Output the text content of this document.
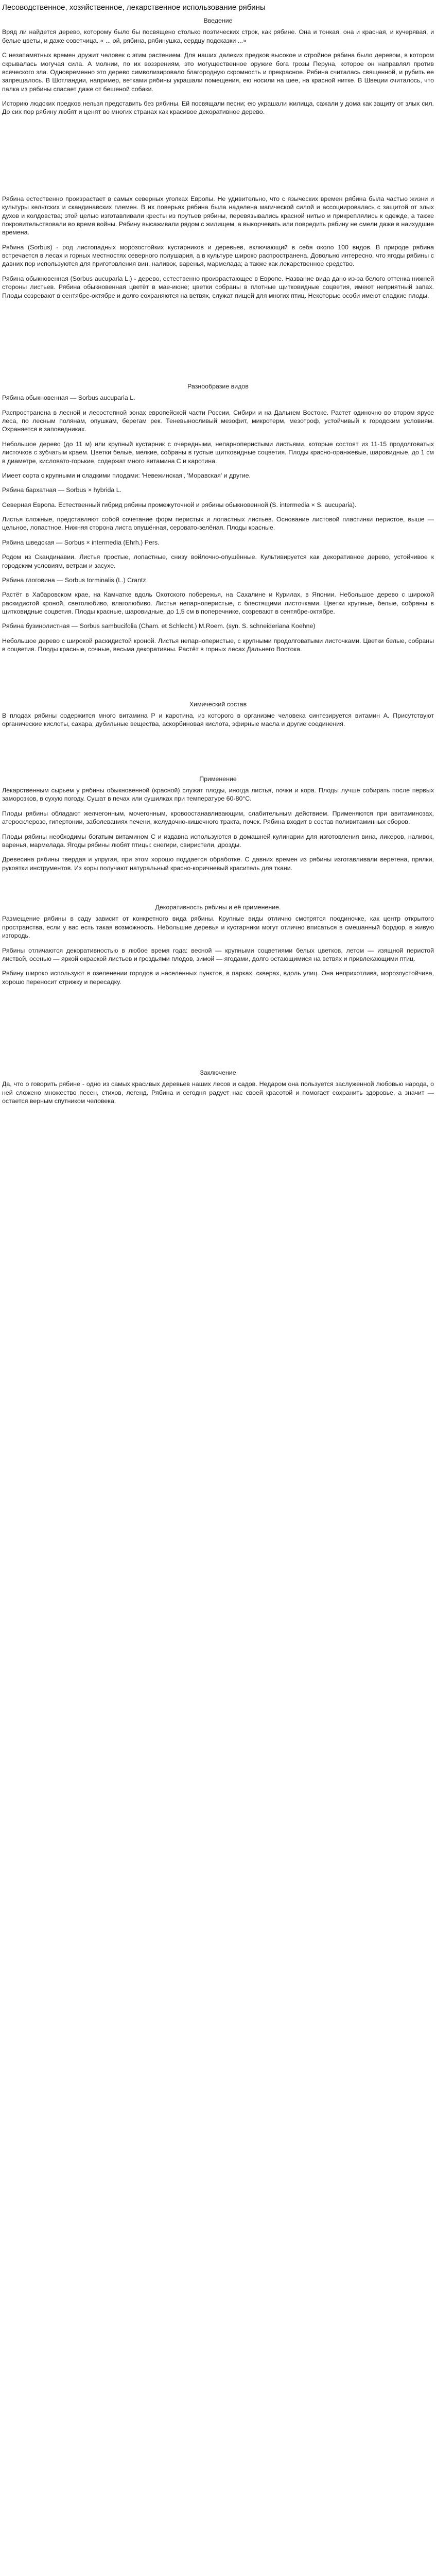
Лесоводственное, хозяйственное, лекарственное использование рябины
Введение

Вряд ли найдется дерево, которому было бы посвящено столько поэтических строк, как рябине. Она и тонкая, она и красная, и кучерявая, и белые цветы, и даже советчица. « ... ой, рябина, рябинушка, сердцу подсказки ...»

С незапамятных времен дружит человек с этим растением. Для наших далеких предков высокое и стройное рябина было деревом, в котором скрывалась могучая сила. А молнии, по их воззрениям, это могущественное оружие бога грозы Перуна, которое он направлял против всяческого зла. Одновременно это дерево символизировало благородную скромность и прекрасное. Рябина считалась священной, и рубить ее запрещалось. В Шотландии, например, ветками рябины украшали помещения, ею носили на шее, на красной нитке. В Швеции считалось, что палка из рябины спасает даже от бешеной собаки.

Историю людских предков нельзя представить без рябины. Ей посвящали песни; ею украшали жилища, сажали у дома как защиту от злых сил. До сих пор рябину любят и ценят во многих странах как красивое декоративное дерево.

Рябина естественно произрастает в самых северных уголках Европы. Не удивительно, что с языческих времен рябина была частью жизни и культуры кельтских и скандинавских племен. В их поверьях рябина была наделена магической силой и ассоциировалась с защитой от злых духов и колдовства; этой целью изготавливали кресты из прутьев рябины, перевязывались красной нитью и прикреплялись к одежде, а также покровительствовали во время войны. Рябину высаживали рядом с жилищем, а выкорчевать или повредить рябину не смели даже в наихудшие времена.

Рябина (Sorbus) - род листопадных морозостойких кустарников и деревьев, включающий в себя около 100 видов. В природе рябина встречается в лесах и горных местностях северного полушария, а в культуре широко распространена. Довольно интересно, что ягоды рябины с давних пор используются для приготовления вин, наливок, варенья, мармелада; а также как лекарственное средство.

Рябина обыкновенная (Sorbus aucuparia L.) - дерево, естественно произрастающее в Европе. Название вида дано из-за белого оттенка нижней стороны листьев. Рябина обыкновенная цветёт в мае-июне; цветки собраны в плотные щитковидные соцветия, имеют неприятный запах. Плоды созревают в сентябре-октябре и долго сохраняются на ветвях, служат пищей для многих птиц. Некоторые особи имеют сладкие плоды.

Разнообразие видов

Рябина обыкновенная — Sorbus aucuparia L.

Распространена в лесной и лесостепной зонах европейской части России, Сибири и на Дальнем Востоке. Растет одиночно во втором ярусе леса, по лесным полянам, опушкам, берегам рек. Теневыносливый мезофит, микротерм, мезотроф, устойчивый к городским условиям. Охраняется в заповедниках.

Небольшое дерево (до 11 м) или крупный кустарник с очередными, непарноперистыми листьями, которые состоят из 11-15 продолговатых листочков с зубчатым краем. Цветки белые, мелкие, собраны в густые щитковидные соцветия. Плоды красно-оранжевые, шаровидные, до 1 см в диаметре, кисловато-горькие, содержат много витамина С и каротина.

Имеет сорта с крупными и сладкими плодами: 'Невежинская', 'Моравская' и другие.

Рябина бархатная — Sorbus × hybrida L.

Северная Европа. Естественный гибрид рябины промежуточной и рябины обыкновенной (S. intermedia × S. aucuparia).

Листья сложные, представляют собой сочетание форм перистых и лопастных листьев. Основание листовой пластинки перистое, выше — цельное, лопастное. Нижняя сторона листа опушённая, серовато-зелёная. Плоды красные.

Рябина шведская — Sorbus × intermedia (Ehrh.) Pers.

Родом из Скандинавии. Листья простые, лопастные, снизу войлочно-опушённые. Культивируется как декоративное дерево, устойчивое к городским условиям, ветрам и засухе.

Рябина глоговина — Sorbus torminalis (L.) Crantz

Растёт в Хабаровском крае, на Камчатке вдоль Охотского побережья, на Сахалине и Курилах, в Японии. Небольшое дерево с широкой раскидистой кроной, светолюбиво, влаголюбиво. Листья непарноперистые, с блестящими листочками. Цветки крупные, белые, собраны в щитковидные соцветия. Плоды красные, шаровидные, до 1,5 см в поперечнике, созревают в сентябре-октябре.

Рябина бузинолистная — Sorbus sambucifolia (Cham. et Schlecht.) M.Roem. (syn. S. schneideriana Koehne)

Небольшое дерево с широкой раскидистой кроной. Листья непарноперистые, с крупными продолговатыми листочками. Цветки белые, собраны в соцветия. Плоды красные, сочные, весьма декоративны. Растёт в горных лесах Дальнего Востока.

Химический состав

В плодах рябины содержится много витамина Р и каротина, из которого в организме человека синтезируется витамин А. Присутствуют органические кислоты, сахара, дубильные вещества, аскорбиновая кислота, эфирные масла и другие соединения.

Применение

Лекарственным сырьем у рябины обыкновенной (красной) служат плоды, иногда листья, почки и кора. Плоды лучше собирать после первых заморозков, в сухую погоду. Сушат в печах или сушилках при температуре 60-80°С.

Плоды рябины обладают желчегонным, мочегонным, кровоостанавливающим, слабительным действием. Применяются при авитаминозах, атеросклерозе, гипертонии, заболеваниях печени, желудочно-кишечного тракта, почек. Рябина входит в состав поливитаминных сборов.

Плоды рябины необходимы богатым витамином С и издавна используются в домашней кулинарии для изготовления вина, ликеров, наливок, варенья, мармелада. Ягоды рябины любят птицы: снегири, свиристели, дрозды.

Древесина рябины твердая и упругая, при этом хорошо поддается обработке. С давних времен из рябины изготавливали веретена, прялки, рукоятки инструментов. Из коры получают натуральный красно-коричневый краситель для ткани.

Декоративность рябины и её применение.

Размещение рябины в саду зависит от конкретного вида рябины. Крупные виды отлично смотрятся поодиночке, как центр открытого пространства, если у вас есть такая возможность. Небольшие деревья и кустарники могут отлично вписаться в смешанный бордюр, в живую изгородь.

Рябины отличаются декоративностью в любое время года: весной — крупными соцветиями белых цветков, летом — изящной перистой листвой, осенью — яркой окраской листьев и гроздьями плодов, зимой — ягодами, долго остающимися на ветвях и привлекающими птиц.

Рябину широко используют в озеленении городов и населенных пунктов, в парках, скверах, вдоль улиц. Она неприхотлива, морозоустойчива, хорошо переносит стрижку и пересадку.

Заключение

Да, что о говорить рябине - одно из самых красивых деревьев наших лесов и садов. Недаром она пользуется заслуженной любовью народа, о ней сложено множество песен, стихов, легенд. Рябина и сегодня радует нас своей красотой и помогает сохранить здоровье, а значит — остается верным спутником человека.
